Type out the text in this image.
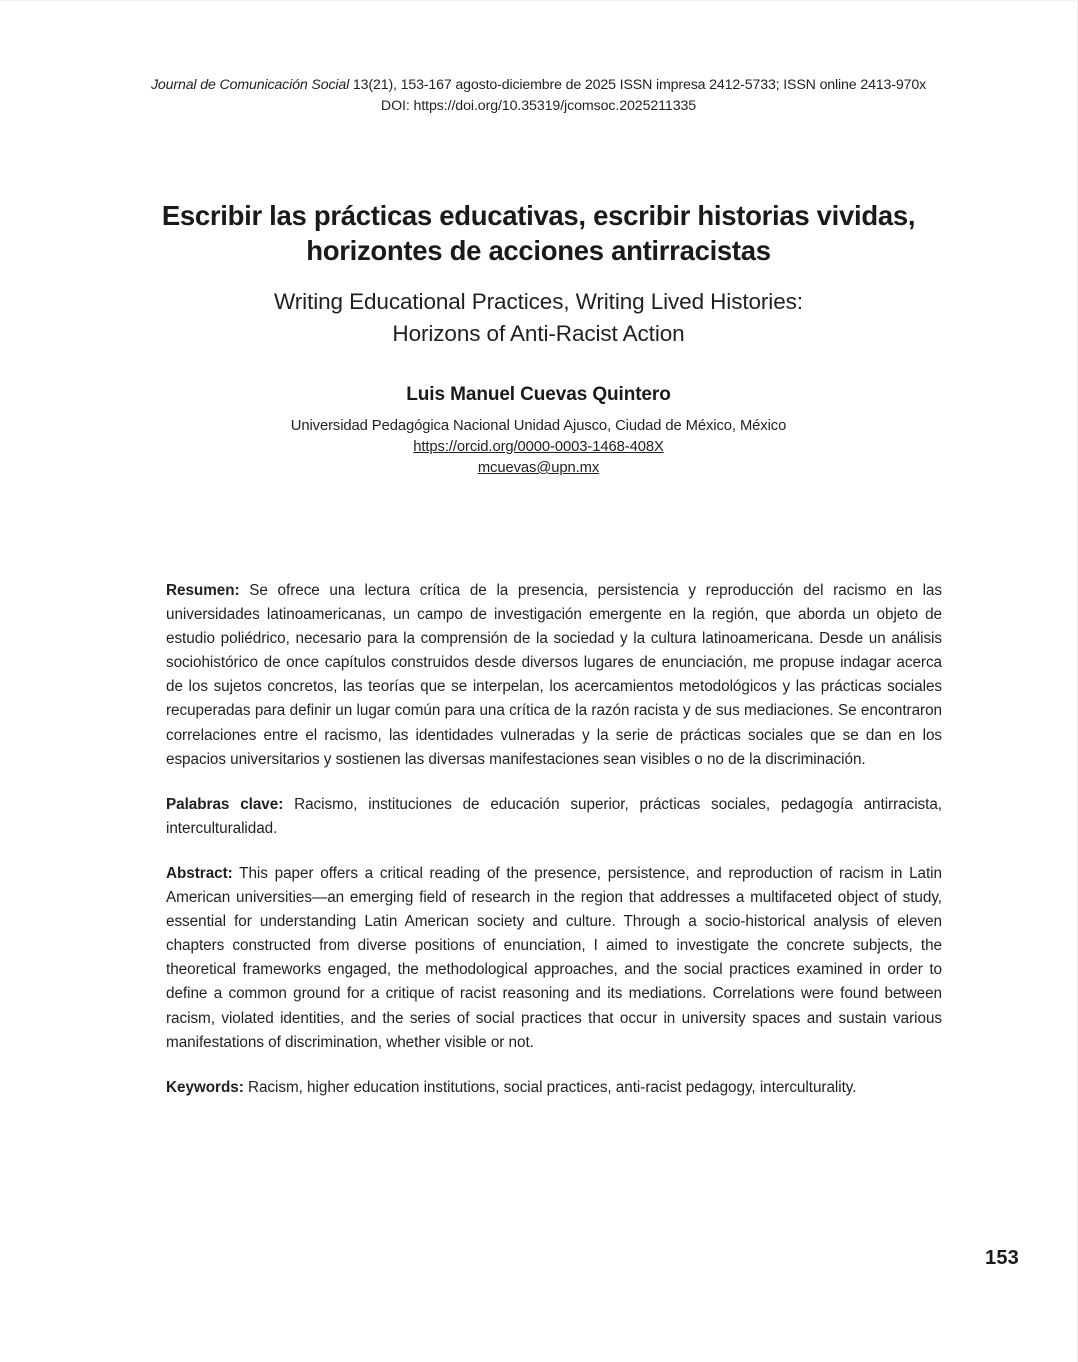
Journal de Comunicación Social 13(21), 153-167 agosto-diciembre de 2025 ISSN impresa 2412-5733; ISSN online 2413-970x
DOI: https://doi.org/10.35319/jcomsoc.2025211335
Escribir las prácticas educativas, escribir historias vividas,
horizontes de acciones antirracistas
Writing Educational Practices, Writing Lived Histories:
Horizons of Anti-Racist Action
Luis Manuel Cuevas Quintero
Universidad Pedagógica Nacional Unidad Ajusco, Ciudad de México, México
https://orcid.org/0000-0003-1468-408X
mcuevas@upn.mx

Resumen: Se ofrece una lectura crítica de la presencia, persistencia y reproducción del racismo en las universidades latinoamericanas, un campo de investigación emergente en la región, que aborda un objeto de estudio poliédrico, necesario para la comprensión de la sociedad y la cultura latinoamericana. Desde un análisis sociohistórico de once capítulos construidos desde diversos lugares de enunciación, me propuse indagar acerca de los sujetos concretos, las teorías que se interpelan, los acercamientos metodológicos y las prácticas sociales recuperadas para definir un lugar común para una crítica de la razón racista y de sus mediaciones. Se encontraron correlaciones entre el racismo, las identidades vulneradas y la serie de prácticas sociales que se dan en los espacios universitarios y sostienen las diversas manifestaciones sean visibles o no de la discriminación.

Palabras clave: Racismo, instituciones de educación superior, prácticas sociales, pedagogía antirracista, interculturalidad.

Abstract: This paper offers a critical reading of the presence, persistence, and reproduction of racism in Latin American universities—an emerging field of research in the region that addresses a multifaceted object of study, essential for understanding Latin American society and culture. Through a socio-historical analysis of eleven chapters constructed from diverse positions of enunciation, I aimed to investigate the concrete subjects, the theoretical frameworks engaged, the methodological approaches, and the social practices examined in order to define a common ground for a critique of racist reasoning and its mediations. Correlations were found between racism, violated identities, and the series of social practices that occur in university spaces and sustain various manifestations of discrimination, whether visible or not.

Keywords: Racism, higher education institutions, social practices, anti-racist pedagogy, interculturality.

153
